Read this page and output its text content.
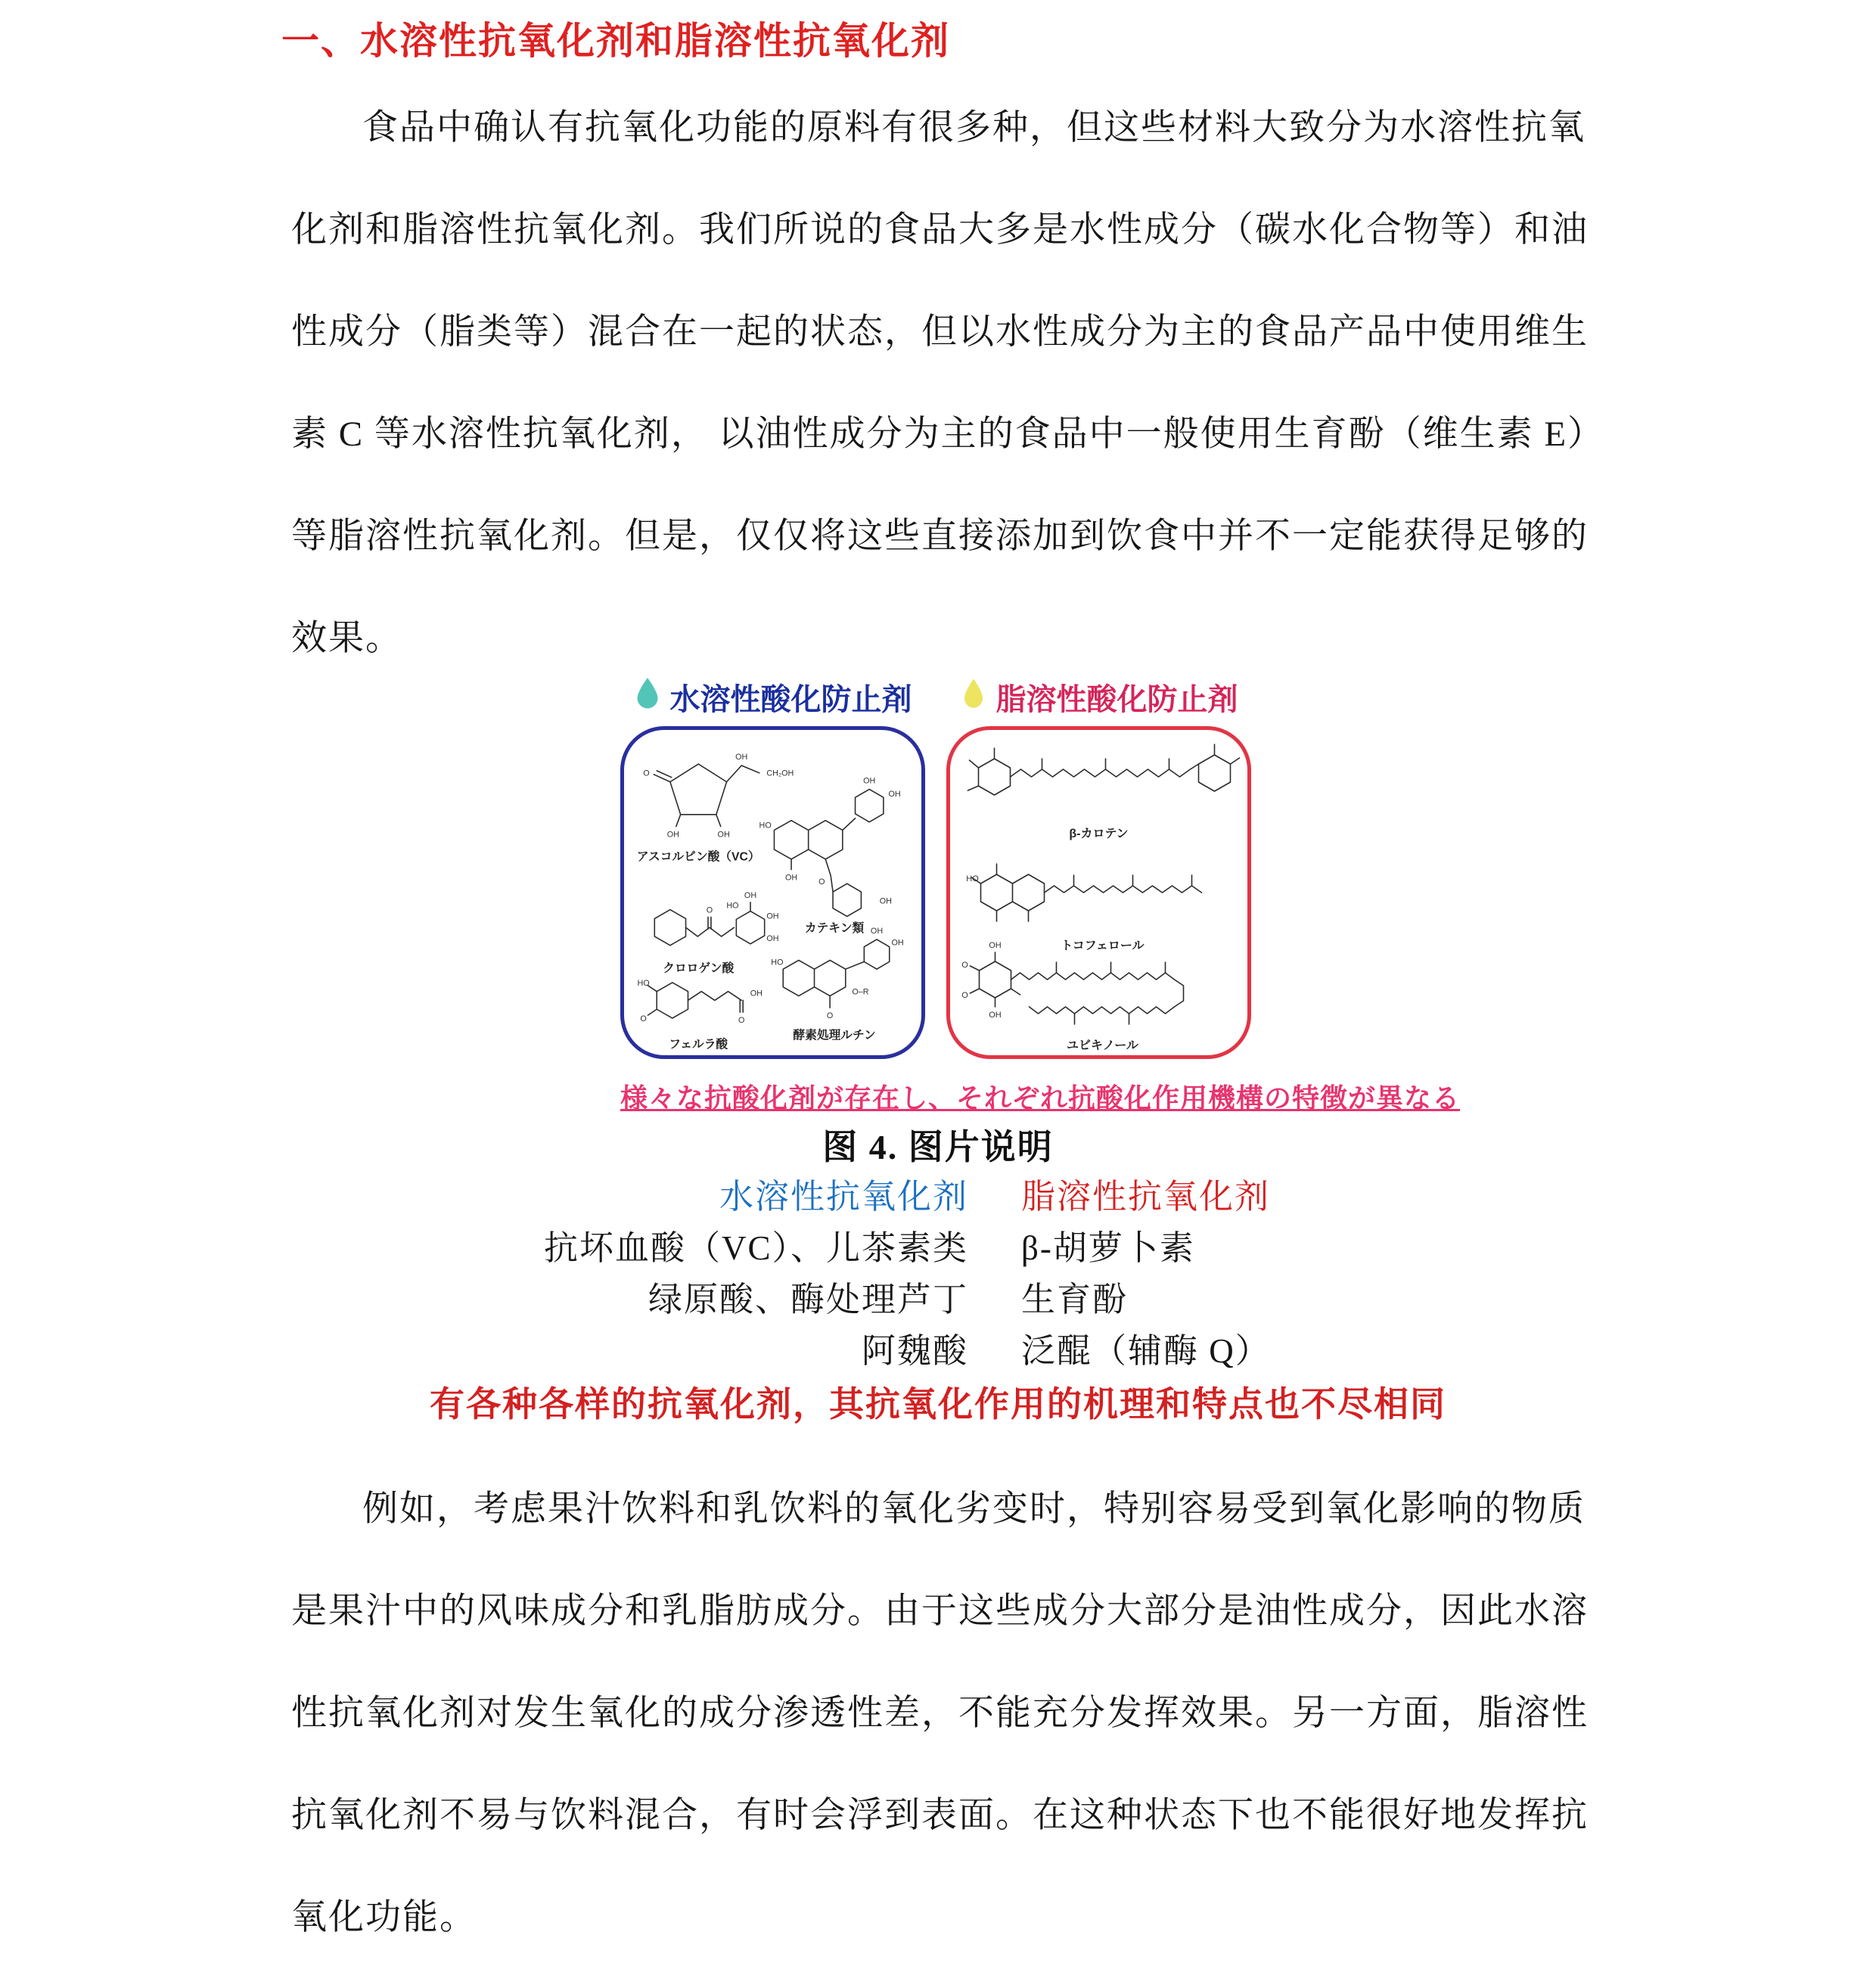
一、水溶性抗氧化剂和脂溶性抗氧化剂
食品中确认有抗氧化功能的原料有很多种，但这些材料大致分为水溶性抗氧
化剂和脂溶性抗氧化剂。我们所说的食品大多是水性成分（碳水化合物等）和油
性成分（脂类等）混合在一起的状态，但以水性成分为主的食品产品中使用维生
素 C 等水溶性抗氧化剂， 以油性成分为主的食品中一般使用生育酚（维生素 E）
等脂溶性抗氧化剂。但是，仅仅将这些直接添加到饮食中并不一定能获得足够的
效果。
水溶性酸化防止剤	脂溶性酸化防止剤
O
OH
CH₂OH
OH	OH
アスコルビン酸（VC）
HO
OH
OH
O
OH
OH
カテキン類
O HO
OH
OH
OH
クロロゲン酸	HO
OH
OH
O
O–R
酵素処理ルチン
HO
O	O
OH
フェルラ酸
β-カロテン
HO
トコフェロール
OH
O
O
OH
ユビキノール
様々な抗酸化剤が存在し、それぞれ抗酸化作用機構の特徴が異なる
图 4. 图片说明
水溶性抗氧化剂 脂溶性抗氧化剂
抗坏血酸（VC）、儿茶素类 β-胡萝卜素
绿原酸、酶处理芦丁 生育酚
阿魏酸 泛醌（辅酶 Q）
有各种各样的抗氧化剂，其抗氧化作用的机理和特点也不尽相同
例如，考虑果汁饮料和乳饮料的氧化劣变时，特别容易受到氧化影响的物质
是果汁中的风味成分和乳脂肪成分。由于这些成分大部分是油性成分，因此水溶
性抗氧化剂对发生氧化的成分渗透性差，不能充分发挥效果。另一方面，脂溶性
抗氧化剂不易与饮料混合，有时会浮到表面。在这种状态下也不能很好地发挥抗
氧化功能。
